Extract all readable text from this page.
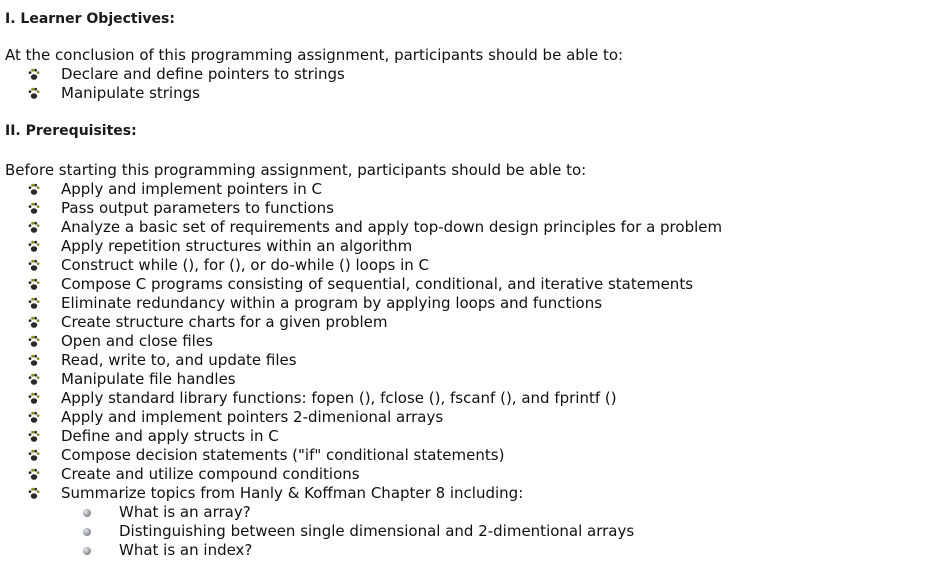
I. Learner Objectives:

At the conclusion of this programming assignment, participants should be able to:

Declare and define pointers to strings
Manipulate strings
II. Prerequisites:

Before starting this programming assignment, participants should be able to:

Apply and implement pointers in C
Pass output parameters to functions
Analyze a basic set of requirements and apply top-down design principles for a problem
Apply repetition structures within an algorithm
Construct while (), for (), or do-while () loops in C
Compose C programs consisting of sequential, conditional, and iterative statements
Eliminate redundancy within a program by applying loops and functions
Create structure charts for a given problem
Open and close files
Read, write to, and update files
Manipulate file handles
Apply standard library functions: fopen (), fclose (), fscanf (), and fprintf ()
Apply and implement pointers 2-dimenional arrays
Define and apply structs in C
Compose decision statements ("if" conditional statements)
Create and utilize compound conditions
Summarize topics from Hanly & Koffman Chapter 8 including:
What is an array?
Distinguishing between single dimensional and 2-dimentional arrays
What is an index?
